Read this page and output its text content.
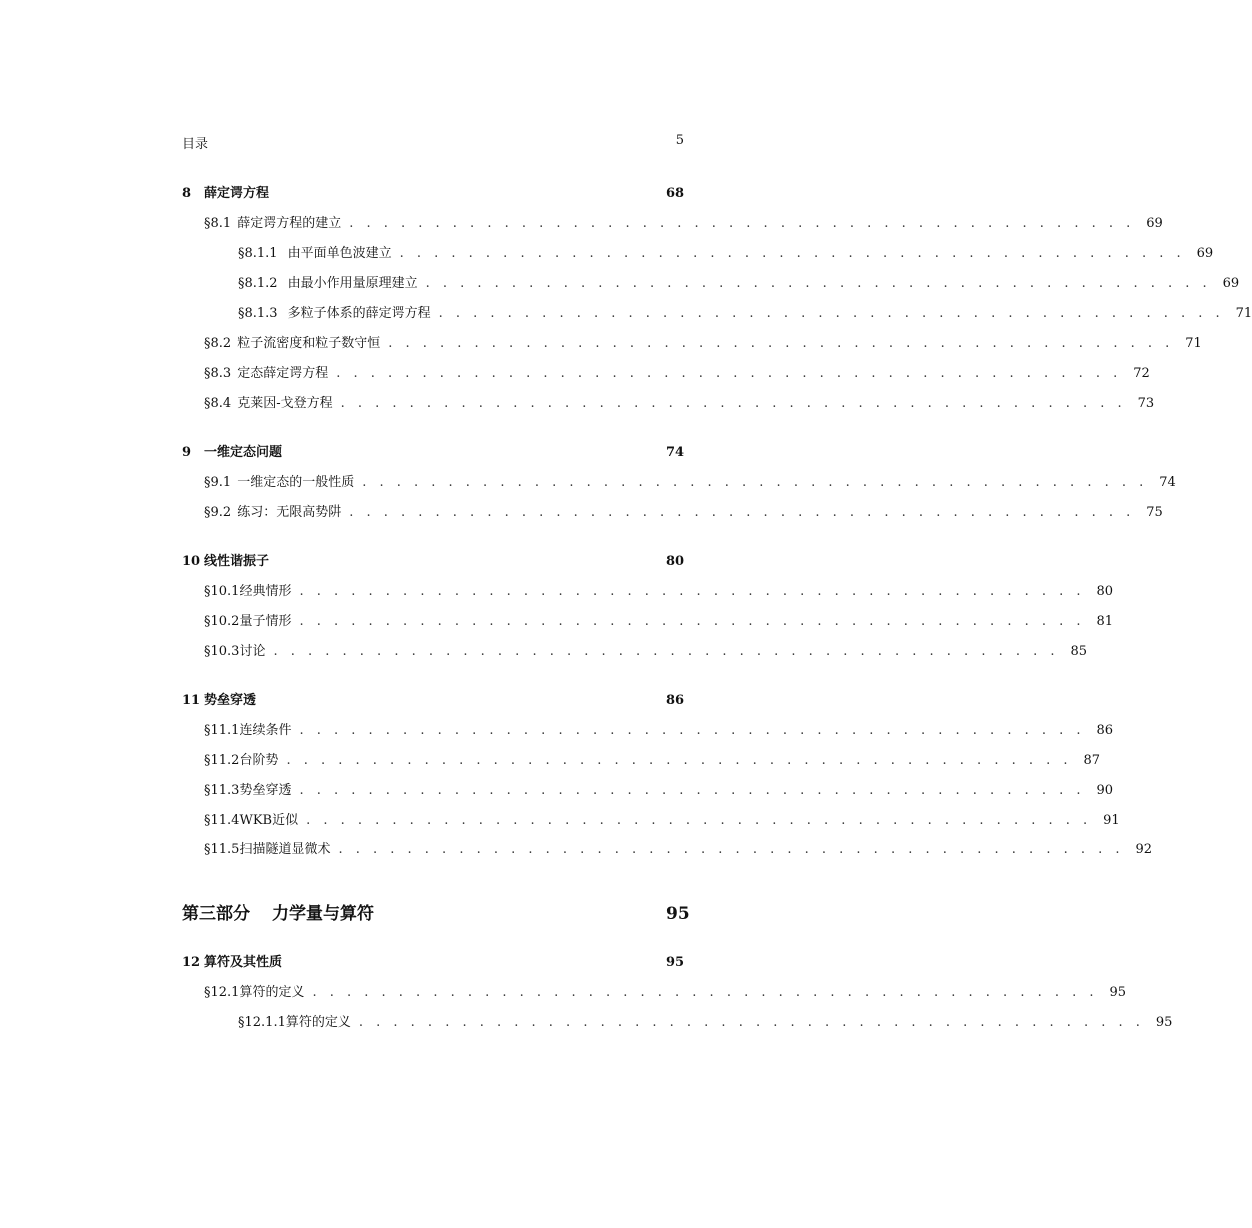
目录	5
8 薛定谔方程	68
§8.1 薛定谔方程的建立 . . . . . . . . . . . . . . . . . . . . . . . . . . . . . . . . . . . . . . . . . . . . . . 69
§8.1.1 由平面单色波建立 . . . . . . . . . . . . . . . . . . . . . . . . . . . . . . . . . . . . . . . . . . . . . . 69
§8.1.2 由最小作用量原理建立 . . . . . . . . . . . . . . . . . . . . . . . . . . . . . . . . . . . . . . . . . . . . . . 69
§8.1.3 多粒子体系的薛定谔方程 . . . . . . . . . . . . . . . . . . . . . . . . . . . . . . . . . . . . . . . . . . . . . . 71
§8.2 粒子流密度和粒子数守恒 . . . . . . . . . . . . . . . . . . . . . . . . . . . . . . . . . . . . . . . . . . . . . . 71
§8.3 定态薛定谔方程 . . . . . . . . . . . . . . . . . . . . . . . . . . . . . . . . . . . . . . . . . . . . . . 72
§8.4 克莱因-戈登方程 . . . . . . . . . . . . . . . . . . . . . . . . . . . . . . . . . . . . . . . . . . . . . . 73
9 一维定态问题	74
§9.1 一维定态的一般性质 . . . . . . . . . . . . . . . . . . . . . . . . . . . . . . . . . . . . . . . . . . . . . . 74
§9.2 练习：无限高势阱 . . . . . . . . . . . . . . . . . . . . . . . . . . . . . . . . . . . . . . . . . . . . . . 75
10 线性谐振子	80
§10.1 经典情形 . . . . . . . . . . . . . . . . . . . . . . . . . . . . . . . . . . . . . . . . . . . . . . 80
§10.2 量子情形 . . . . . . . . . . . . . . . . . . . . . . . . . . . . . . . . . . . . . . . . . . . . . . 81
§10.3 讨论 . . . . . . . . . . . . . . . . . . . . . . . . . . . . . . . . . . . . . . . . . . . . . . 85
11 势垒穿透	86
§11.1 连续条件 . . . . . . . . . . . . . . . . . . . . . . . . . . . . . . . . . . . . . . . . . . . . . . 86
§11.2 台阶势 . . . . . . . . . . . . . . . . . . . . . . . . . . . . . . . . . . . . . . . . . . . . . . 87
§11.3 势垒穿透 . . . . . . . . . . . . . . . . . . . . . . . . . . . . . . . . . . . . . . . . . . . . . . 90
§11.4 WKB近似 . . . . . . . . . . . . . . . . . . . . . . . . . . . . . . . . . . . . . . . . . . . . . . 91
§11.5 扫描隧道显微术 . . . . . . . . . . . . . . . . . . . . . . . . . . . . . . . . . . . . . . . . . . . . . . 92
第三部分 力学量与算符	95
12 算符及其性质	95
§12.1 算符的定义 . . . . . . . . . . . . . . . . . . . . . . . . . . . . . . . . . . . . . . . . . . . . . . 95
§12.1.1 算符的定义 . . . . . . . . . . . . . . . . . . . . . . . . . . . . . . . . . . . . . . . . . . . . . . 95
